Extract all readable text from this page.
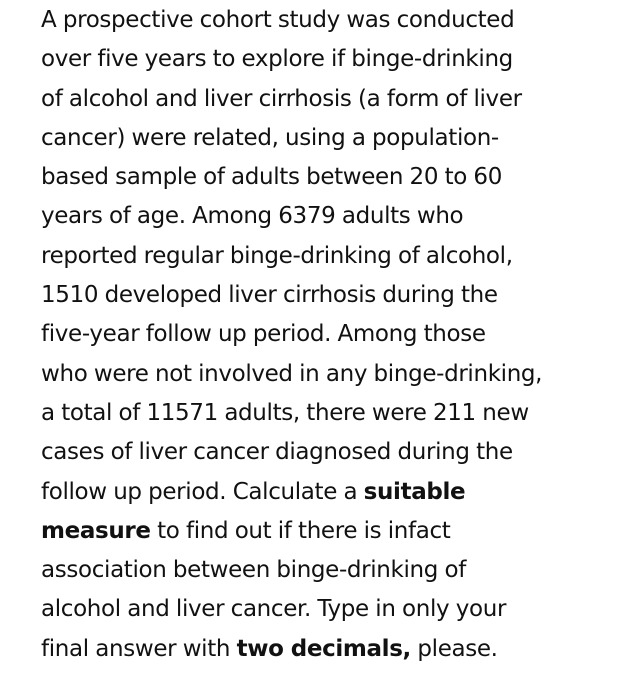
A prospective cohort study was conducted
over five years to explore if binge-drinking
of alcohol and liver cirrhosis (a form of liver
cancer) were related, using a population-
based sample of adults between 20 to 60
years of age. Among 6379 adults who
reported regular binge-drinking of alcohol,
1510 developed liver cirrhosis during the
five-year follow up period. Among those
who were not involved in any binge-drinking,
a total of 11571 adults, there were 211 new
cases of liver cancer diagnosed during the
follow up period. Calculate a suitable
measure to find out if there is infact
association between binge-drinking of
alcohol and liver cancer. Type in only your
final answer with two decimals, please.
